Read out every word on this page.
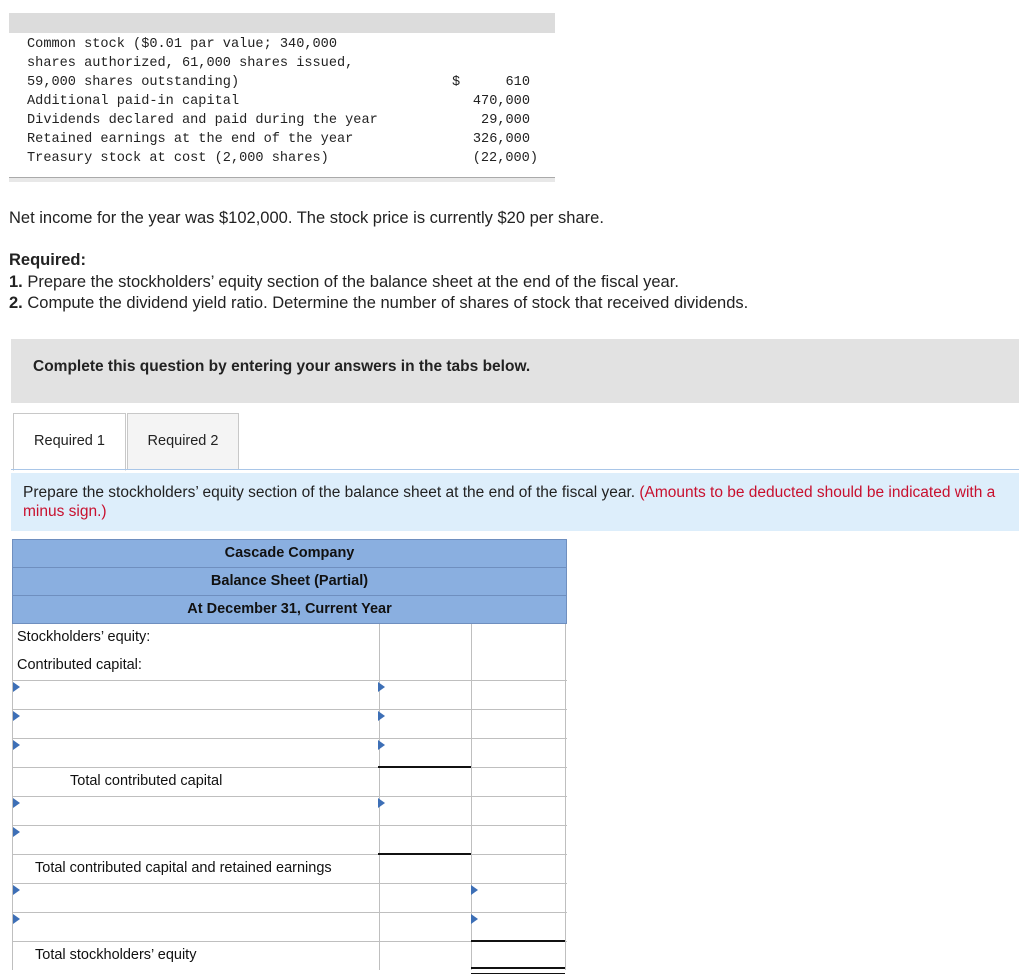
Common stock ($0.01 par value; 340,000
shares authorized, 61,000 shares issued,
59,000 shares outstanding)	$	610
Additional paid-in capital	470,000
Dividends declared and paid during the year	29,000
Retained earnings at the end of the year	326,000
Treasury stock at cost (2,000 shares)	(22,000)
Net income for the year was $102,000. The stock price is currently $20 per share.
Required:
1. Prepare the stockholders’ equity section of the balance sheet at the end of the fiscal year.
2. Compute the dividend yield ratio. Determine the number of shares of stock that received dividends.
Complete this question by entering your answers in the tabs below.
Required 1	Required 2
Prepare the stockholders’ equity section of the balance sheet at the end of the fiscal year. (Amounts to be deducted should be indicated with a minus sign.)
Cascade Company
Balance Sheet (Partial)
At December 31, Current Year
Stockholders’ equity:
Contributed capital:
Total contributed capital
Total contributed capital and retained earnings
Total stockholders’ equity
